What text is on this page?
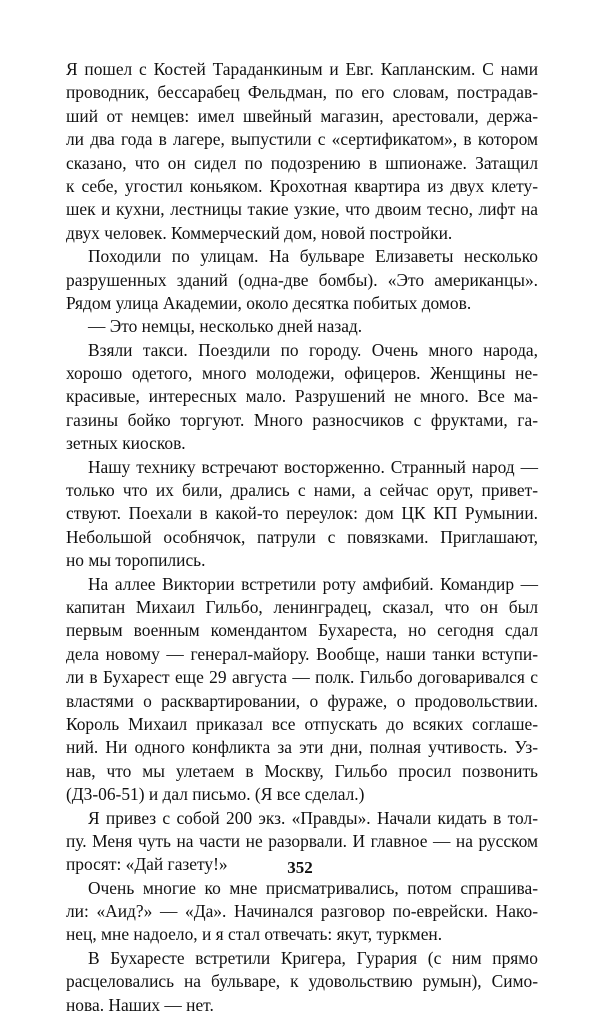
Я пошел с Костей Тараданкиным и Евг. Капланским. С нами
проводник, бессарабец Фельдман, по его словам, пострадав-
ший от немцев: имел швейный магазин, арестовали, держа-
ли два года в лагере, выпустили с «сертификатом», в котором
сказано, что он сидел по подозрению в шпионаже. Затащил
к себе, угостил коньяком. Крохотная квартира из двух клету-
шек и кухни, лестницы такие узкие, что двоим тесно, лифт на
двух человек. Коммерческий дом, новой постройки.
Походили по улицам. На бульваре Елизаветы несколько
разрушенных зданий (одна-две бомбы). «Это американцы».
Рядом улица Академии, около десятка побитых домов.
— Это немцы, несколько дней назад.
Взяли такси. Поездили по городу. Очень много народа,
хорошо одетого, много молодежи, офицеров. Женщины не-
красивые, интересных мало. Разрушений не много. Все ма-
газины бойко торгуют. Много разносчиков с фруктами, га-
зетных киосков.
Нашу технику встречают восторженно. Странный народ —
только что их били, дрались с нами, а сейчас орут, привет-
ствуют. Поехали в какой-то переулок: дом ЦК КП Румынии.
Небольшой особнячок, патрули с повязками. Приглашают,
но мы торопились.
На аллее Виктории встретили роту амфибий. Командир —
капитан Михаил Гильбо, ленинградец, сказал, что он был
первым военным комендантом Бухареста, но сегодня сдал
дела новому — генерал-майору. Вообще, наши танки вступи-
ли в Бухарест еще 29 августа — полк. Гильбо договаривался с
властями о расквартировании, о фураже, о продовольствии.
Король Михаил приказал все отпускать до всяких соглаше-
ний. Ни одного конфликта за эти дни, полная учтивость. Уз-
нав, что мы улетаем в Москву, Гильбо просил позвонить
(Д3-06-51) и дал письмо. (Я все сделал.)
Я привез с собой 200 экз. «Правды». Начали кидать в тол-
пу. Меня чуть на части не разорвали. И главное — на русском
просят: «Дай газету!»
Очень многие ко мне присматривались, потом спрашива-
ли: «Аид?» — «Да». Начинался разговор по-еврейски. Нако-
нец, мне надоело, и я стал отвечать: якут, туркмен.
В Бухаресте встретили Кригера, Гурария (с ним прямо
расцеловались на бульваре, к удовольствию румын), Симо-
нова. Наших — нет.
352
